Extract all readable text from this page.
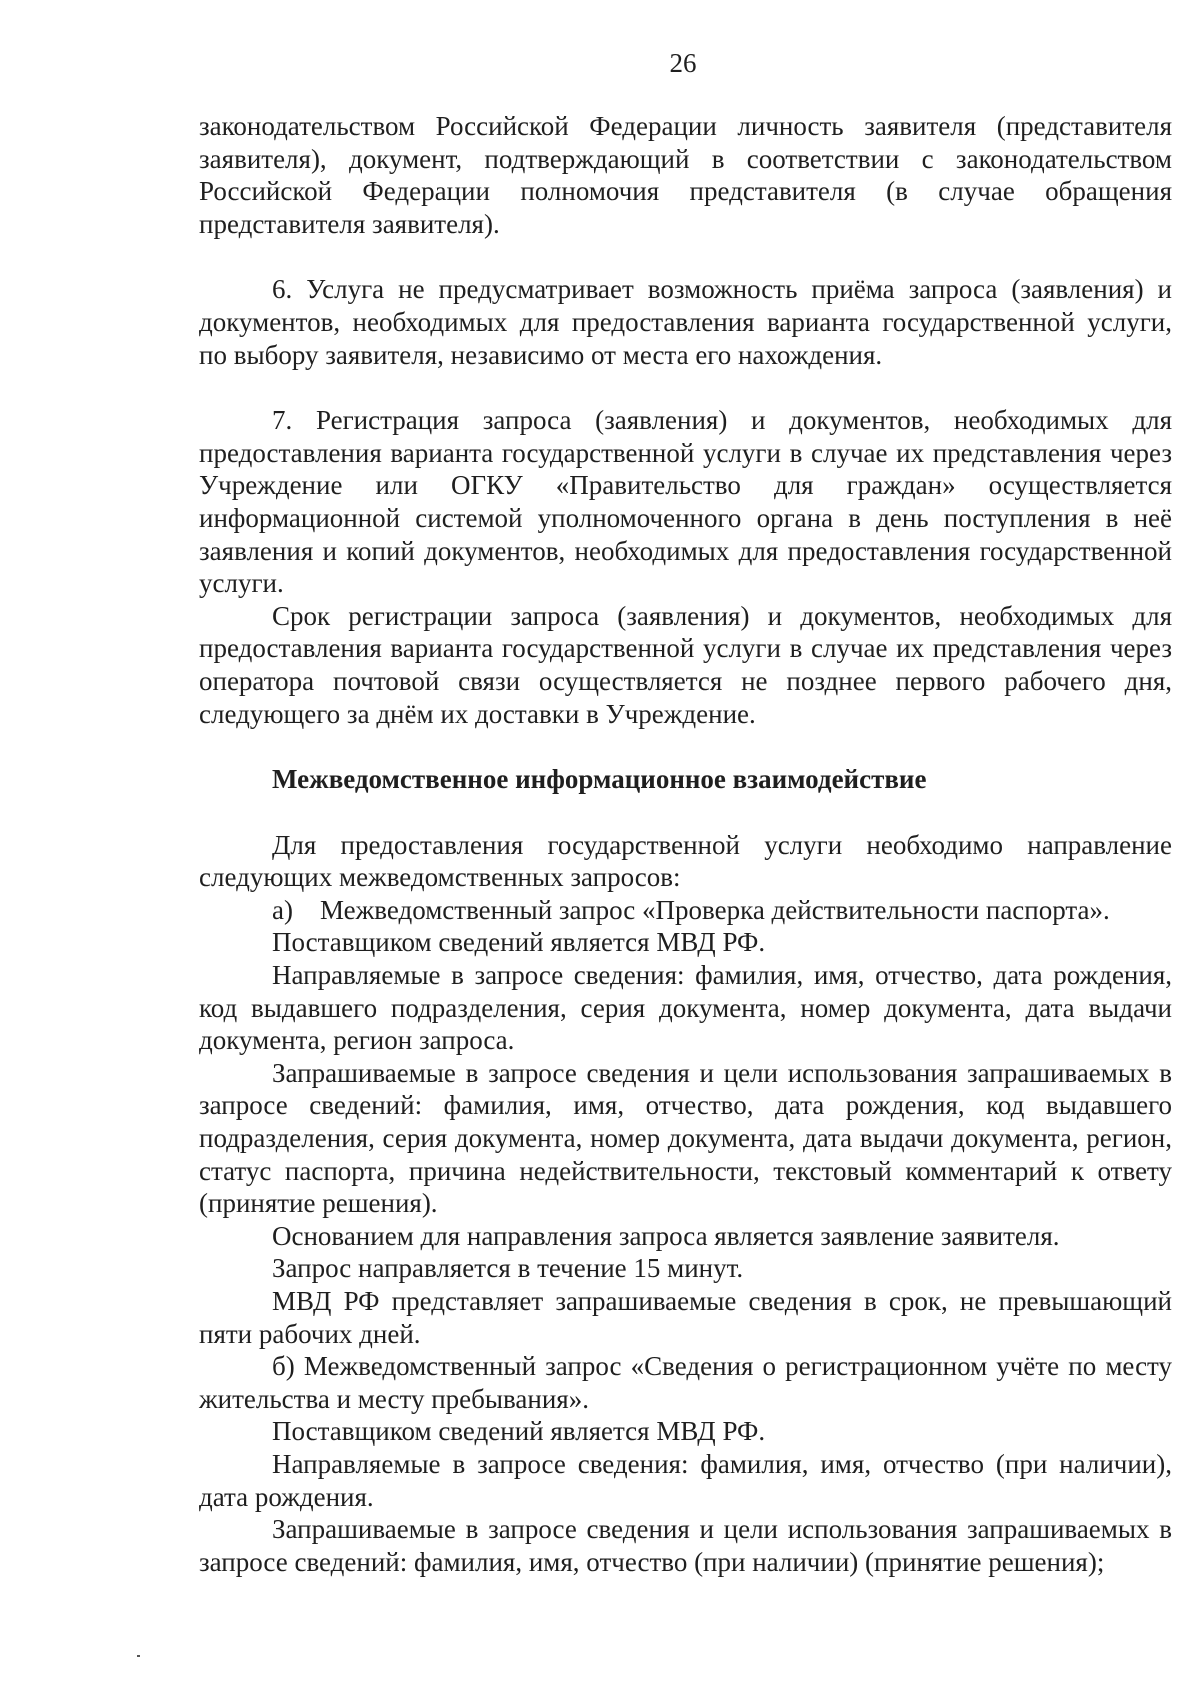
26

законодательством Российской Федерации личность заявителя (представителя заявителя), документ, подтверждающий в соответствии с законодательством Российской Федерации полномочия представителя (в случае обращения представителя заявителя).

6. Услуга не предусматривает возможность приёма запроса (заявления) и документов, необходимых для предоставления варианта государственной услуги, по выбору заявителя, независимо от места его нахождения.

7. Регистрация запроса (заявления) и документов, необходимых для предоставления варианта государственной услуги в случае их представления через Учреждение или ОГКУ «Правительство для граждан» осуществляется информационной системой уполномоченного органа в день поступления в неё заявления и копий документов, необходимых для предоставления государственной услуги.

Срок регистрации запроса (заявления) и документов, необходимых для предоставления варианта государственной услуги в случае их представления через оператора почтовой связи осуществляется не позднее первого рабочего дня, следующего за днём их доставки в Учреждение.

Межведомственное информационное взаимодействие

Для предоставления государственной услуги необходимо направление следующих межведомственных запросов:

а) Межведомственный запрос «Проверка действительности паспорта».

Поставщиком сведений является МВД РФ.

Направляемые в запросе сведения: фамилия, имя, отчество, дата рождения, код выдавшего подразделения, серия документа, номер документа, дата выдачи документа, регион запроса.

Запрашиваемые в запросе сведения и цели использования запрашиваемых в запросе сведений: фамилия, имя, отчество, дата рождения, код выдавшего подразделения, серия документа, номер документа, дата выдачи документа, регион, статус паспорта, причина недействительности, текстовый комментарий к ответу (принятие решения).

Основанием для направления запроса является заявление заявителя.

Запрос направляется в течение 15 минут.

МВД РФ представляет запрашиваемые сведения в срок, не превышающий пяти рабочих дней.

б) Межведомственный запрос «Сведения о регистрационном учёте по месту жительства и месту пребывания».

Поставщиком сведений является МВД РФ.

Направляемые в запросе сведения: фамилия, имя, отчество (при наличии), дата рождения.

Запрашиваемые в запросе сведения и цели использования запрашиваемых в запросе сведений: фамилия, имя, отчество (при наличии) (принятие решения);
